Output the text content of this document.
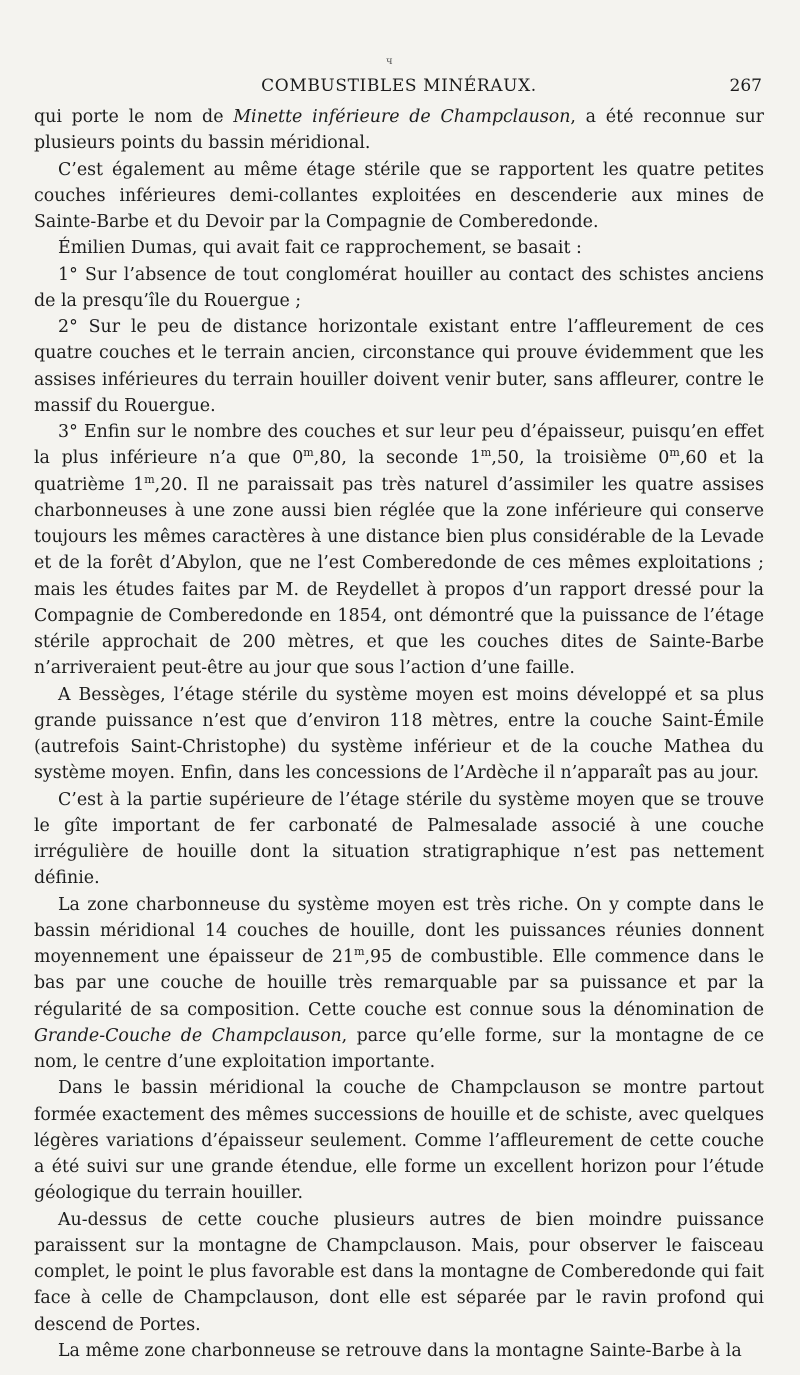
ч
COMBUSTIBLES MINÉRAUX.	267

qui porte le nom de Minette inférieure de Champclauson, a été reconnue sur plusieurs points du bassin méridional.

C’est également au même étage stérile que se rapportent les quatre petites couches inférieures demi-collantes exploitées en descenderie aux mines de Sainte-Barbe et du Devoir par la Compagnie de Comberedonde.

Émilien Dumas, qui avait fait ce rapprochement, se basait :

1° Sur l’absence de tout conglomérat houiller au contact des schistes anciens de la presqu’île du Rouergue ;

2° Sur le peu de distance horizontale existant entre l’affleurement de ces quatre couches et le terrain ancien, circonstance qui prouve évidemment que les assises inférieures du terrain houiller doivent venir buter, sans affleurer, contre le massif du Rouergue.

3° Enfin sur le nombre des couches et sur leur peu d’épaisseur, puisqu’en effet la plus inférieure n’a que 0$^m$,80, la seconde 1$^m$,50, la troisième 0$^m$,60 et la quatrième 1$^m$,20. Il ne paraissait pas très naturel d’assimiler les quatre assises charbonneuses à une zone aussi bien réglée que la zone inférieure qui conserve toujours les mêmes caractères à une distance bien plus considérable de la Levade et de la forêt d’Abylon, que ne l’est Comberedonde de ces mêmes exploitations ; mais les études faites par M. de Reydellet à propos d’un rapport dressé pour la Compagnie de Comberedonde en 1854, ont démontré que la puissance de l’étage stérile approchait de 200 mètres, et que les couches dites de Sainte-Barbe n’arriveraient peut-être au jour que sous l’action d’une faille.

A Bessèges, l’étage stérile du système moyen est moins développé et sa plus grande puissance n’est que d’environ 118 mètres, entre la couche Saint-Émile (autrefois Saint-Christophe) du système inférieur et de la couche Mathea du système moyen. Enfin, dans les concessions de l’Ardèche il n’apparaît pas au jour.

C’est à la partie supérieure de l’étage stérile du système moyen que se trouve le gîte important de fer carbonaté de Palmesalade associé à une couche irrégulière de houille dont la situation stratigraphique n’est pas nettement définie.

La zone charbonneuse du système moyen est très riche. On y compte dans le bassin méridional 14 couches de houille, dont les puissances réunies donnent moyennement une épaisseur de 21$^m$,95 de combustible. Elle commence dans le bas par une couche de houille très remarquable par sa puissance et par la régularité de sa composition. Cette couche est connue sous la dénomination de Grande-Couche de Champclauson, parce qu’elle forme, sur la montagne de ce nom, le centre d’une exploitation importante.

Dans le bassin méridional la couche de Champclauson se montre partout formée exactement des mêmes successions de houille et de schiste, avec quelques légères variations d’épaisseur seulement. Comme l’affleurement de cette couche a été suivi sur une grande étendue, elle forme un excellent horizon pour l’étude géologique du terrain houiller.

Au-dessus de cette couche plusieurs autres de bien moindre puissance paraissent sur la montagne de Champclauson. Mais, pour observer le faisceau complet, le point le plus favorable est dans la montagne de Comberedonde qui fait face à celle de Champclauson, dont elle est séparée par le ravin profond qui descend de Portes.

La même zone charbonneuse se retrouve dans la montagne Sainte-Barbe à la
